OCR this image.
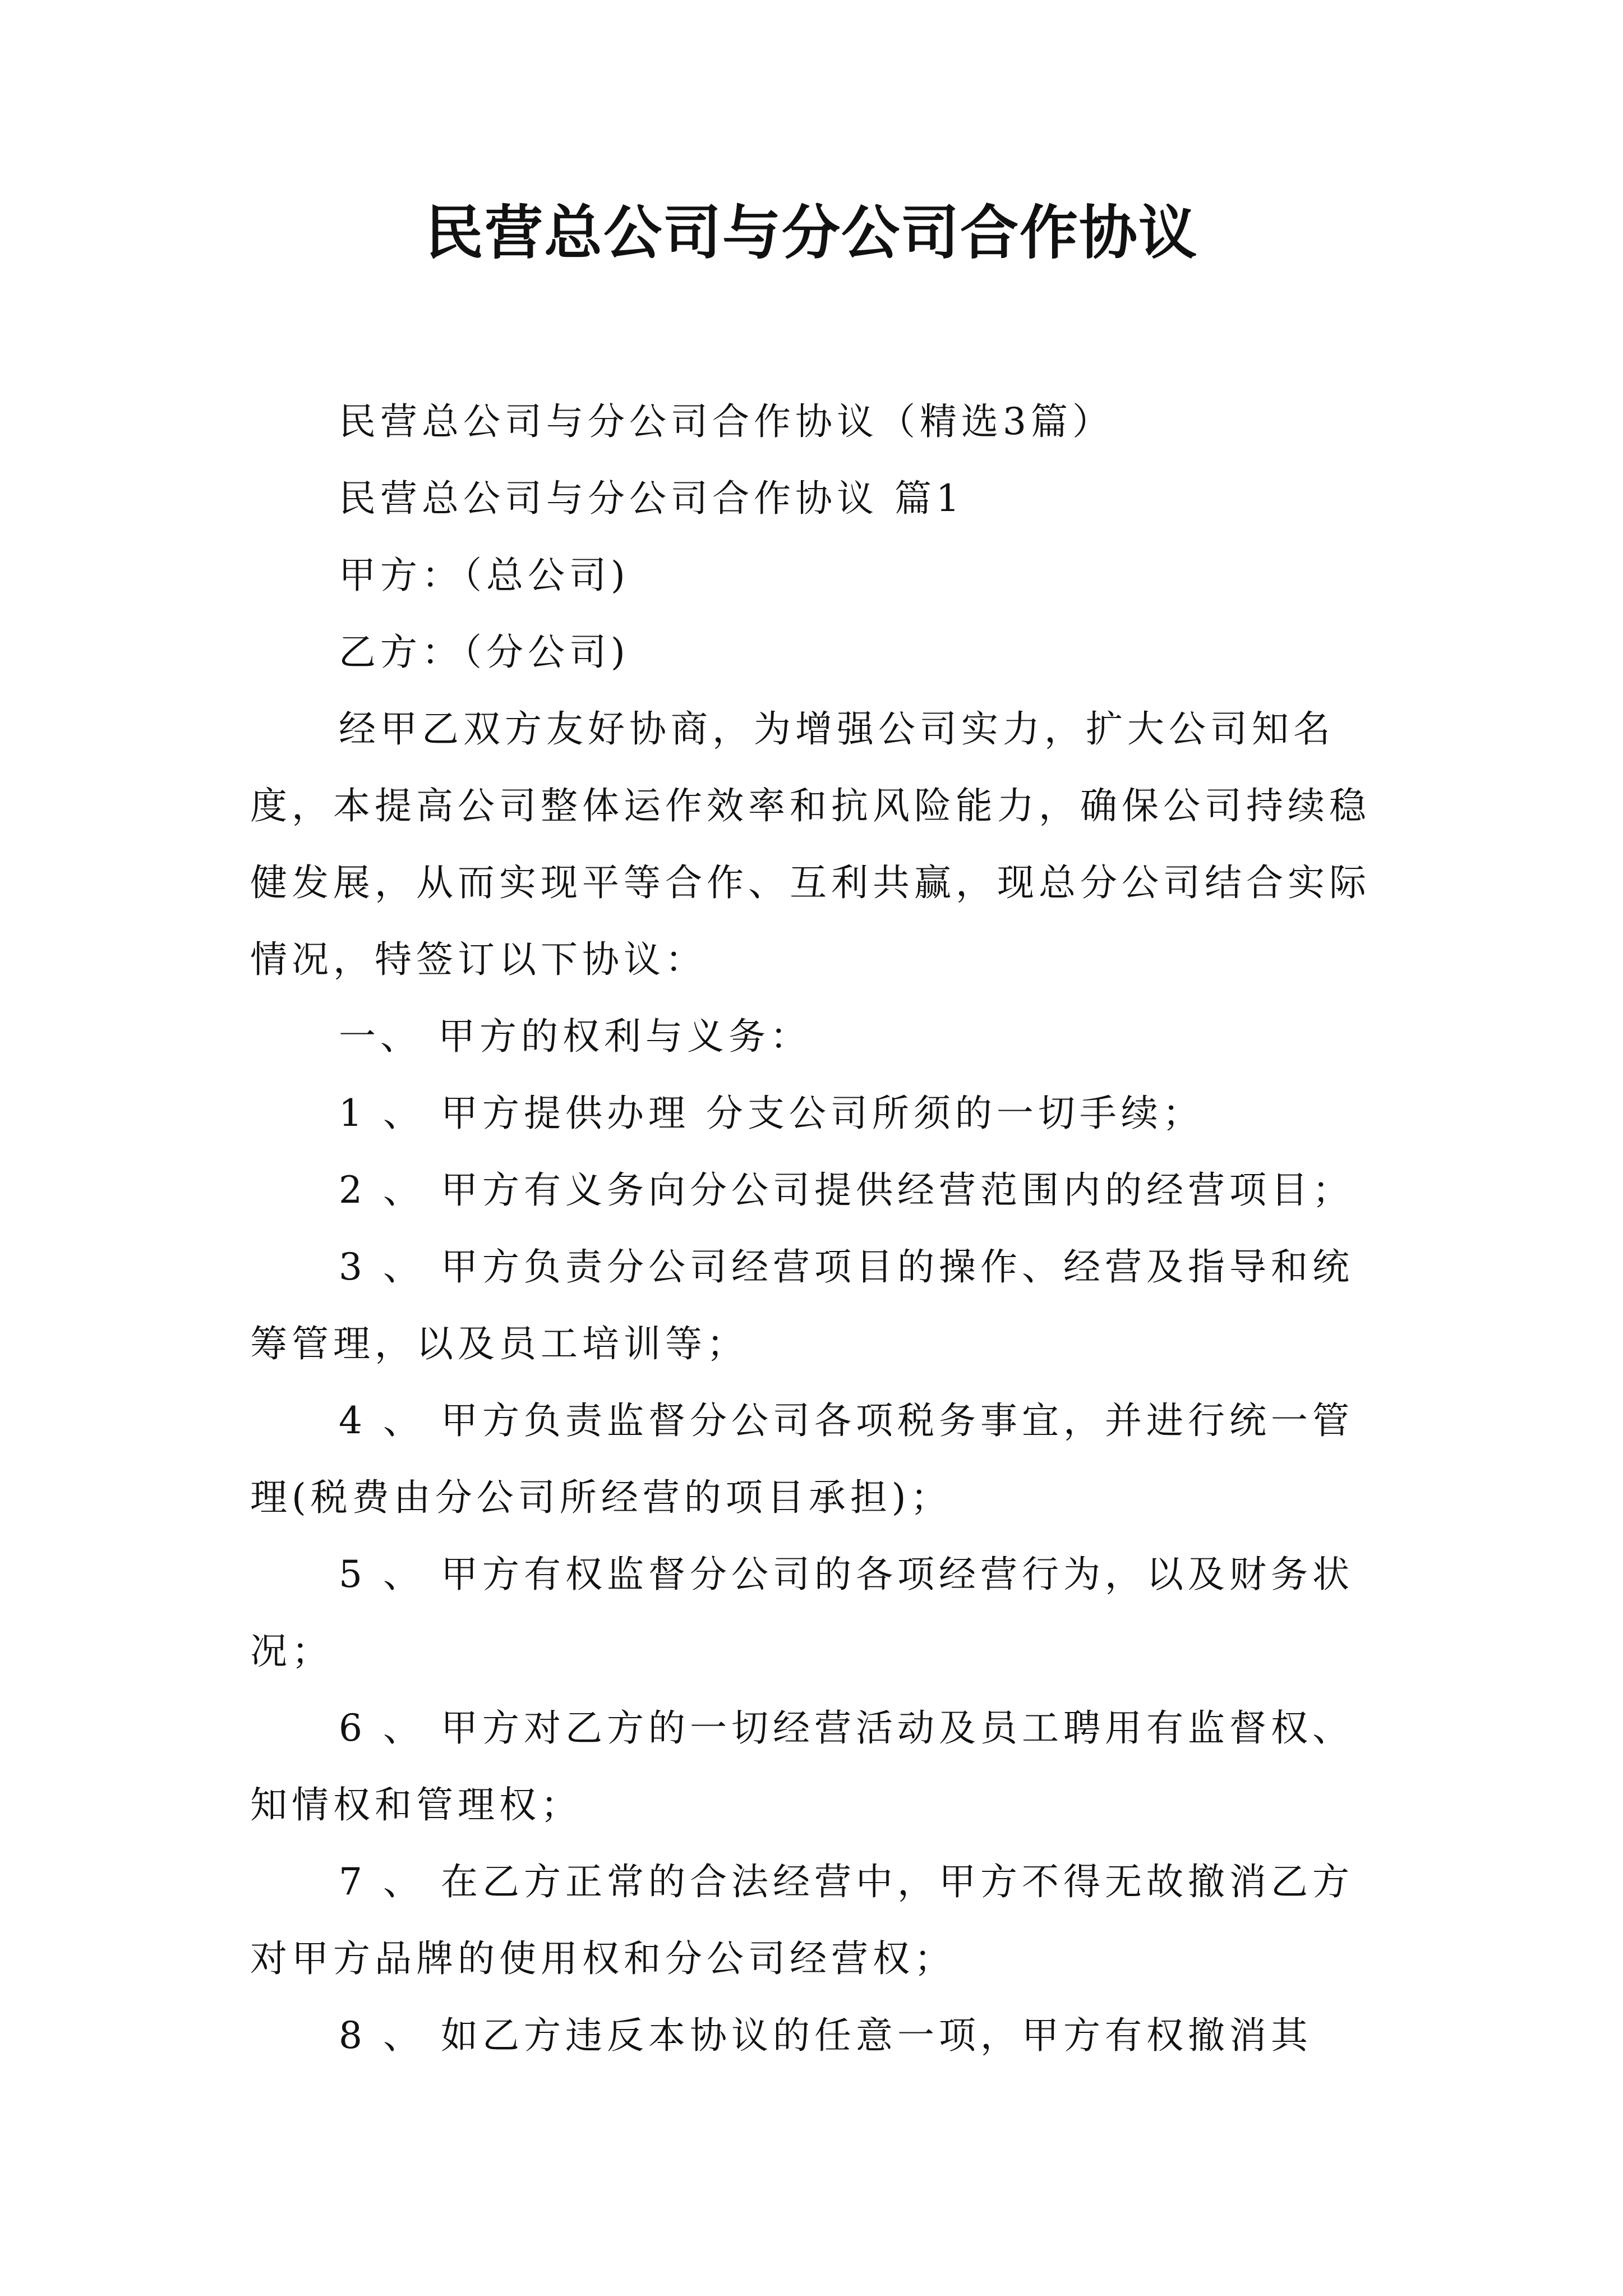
民营总公司与分公司合作协议

民营总公司与分公司合作协议（精选3篇）

民营总公司与分公司合作协议 篇1

甲方：（总公司)

乙方：（分公司)

经甲乙双方友好协商，为增强公司实力，扩大公司知名度，本提高公司整体运作效率和抗风险能力，确保公司持续稳健发展，从而实现平等合作、互利共赢，现总分公司结合实际情况，特签订以下协议：

一、 甲方的权利与义务：

1 、 甲方提供办理 分支公司所须的一切手续；

2 、 甲方有义务向分公司提供经营范围内的经营项目；

3 、 甲方负责分公司经营项目的操作、经营及指导和统筹管理，以及员工培训等；

4 、 甲方负责监督分公司各项税务事宜，并进行统一管理(税费由分公司所经营的项目承担)；

5 、 甲方有权监督分公司的各项经营行为，以及财务状况；

6 、 甲方对乙方的一切经营活动及员工聘用有监督权、知情权和管理权；

7 、 在乙方正常的合法经营中，甲方不得无故撤消乙方对甲方品牌的使用权和分公司经营权；

8 、 如乙方违反本协议的任意一项，甲方有权撤消其
